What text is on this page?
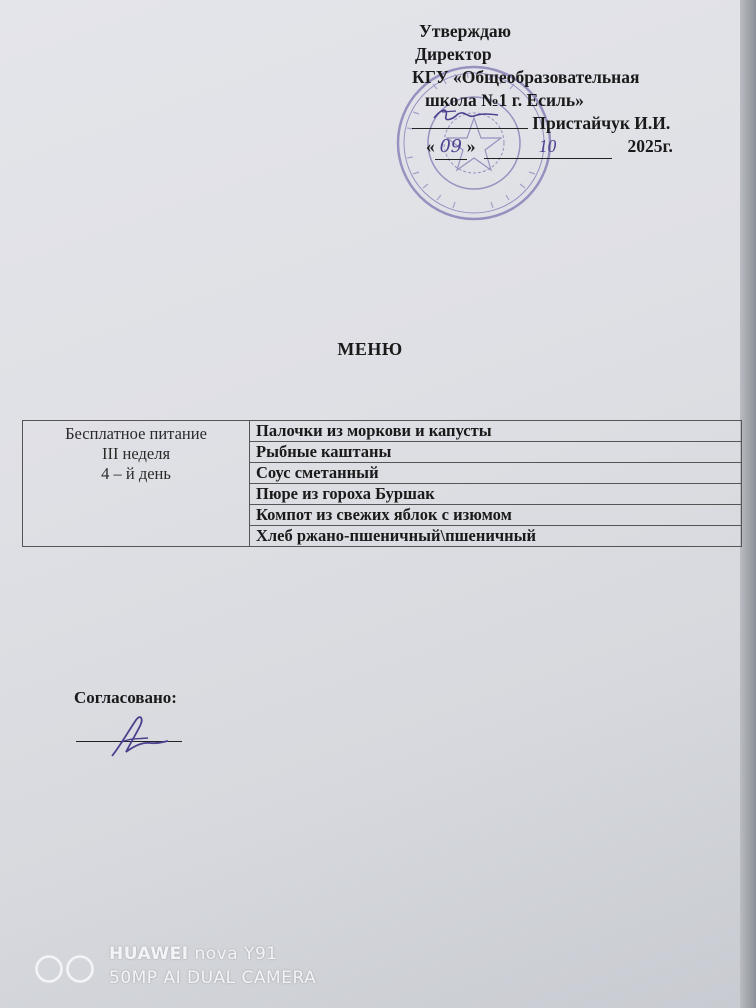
Утверждаю
Директор
КГУ «Общеобразовательная
школа №1 г. Есиль»
Пристайчук И.И.
« 09 »	10	2025г.
МЕНЮ
Бесплатное питание
III неделя
4 – й день
	Палочки из моркови и капусты
Рыбные каштаны
Соус сметанный
Пюре из гороха Буршак
Компот из свежих яблок с изюмом
Хлеб ржано-пшеничный\пшеничный
Согласовано:
HUAWEI nova Y91
50MP AI DUAL CAMERA
